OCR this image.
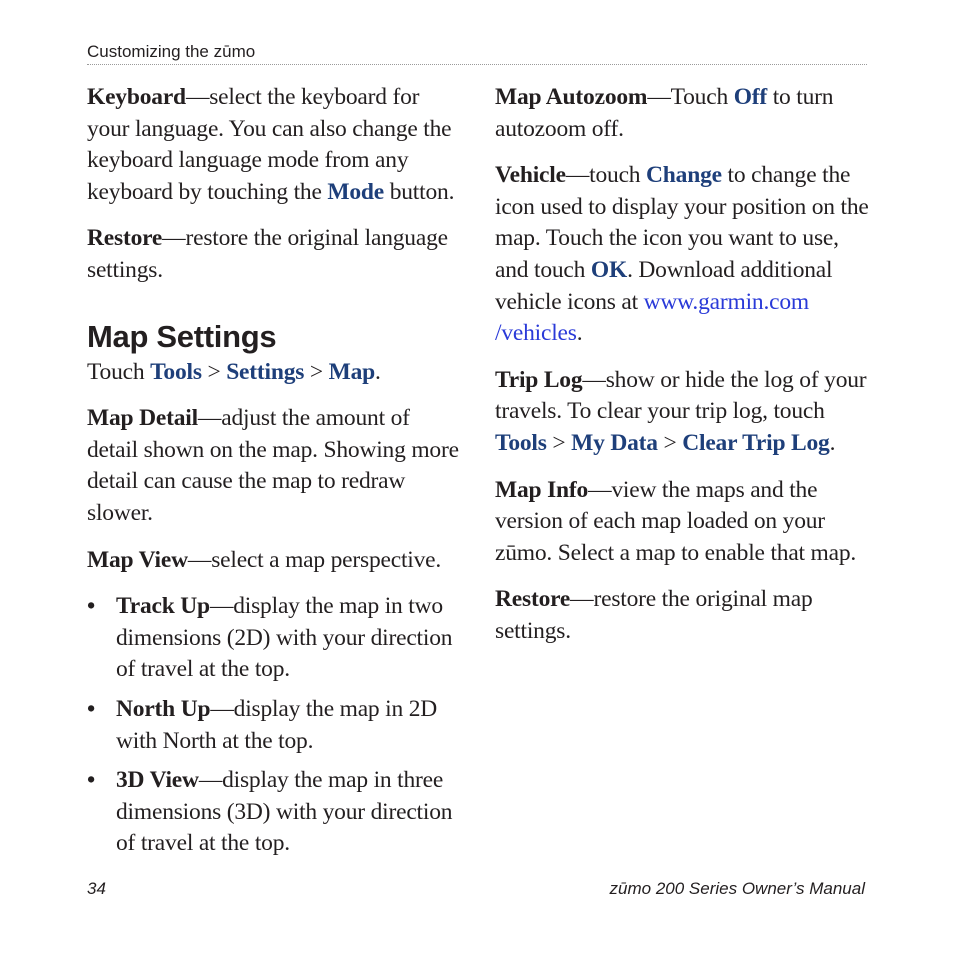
Customizing the zūmo

Keyboard—select the keyboard for your language. You can also change the keyboard language mode from any keyboard by touching the Mode button.

Restore—restore the original language settings.

Map Settings

Touch Tools > Settings > Map.

Map Detail—adjust the amount of detail shown on the map. Showing more detail can cause the map to redraw slower.

Map View—select a map perspective.

• Track Up—display the map in two dimensions (2D) with your direction of travel at the top.
• North Up—display the map in 2D with North at the top.
• 3D View—display the map in three dimensions (3D) with your direction of travel at the top.

Map Autozoom—Touch Off to turn autozoom off.

Vehicle—touch Change to change the icon used to display your position on the map. Touch the icon you want to use, and touch OK. Download additional vehicle icons at www.garmin.com
/vehicles.

Trip Log—show or hide the log of your travels. To clear your trip log, touch Tools > My Data > Clear Trip Log.

Map Info—view the maps and the version of each map loaded on your zūmo. Select a map to enable that map.

Restore—restore the original map settings.

34	zūmo 200 Series Owner’s Manual
